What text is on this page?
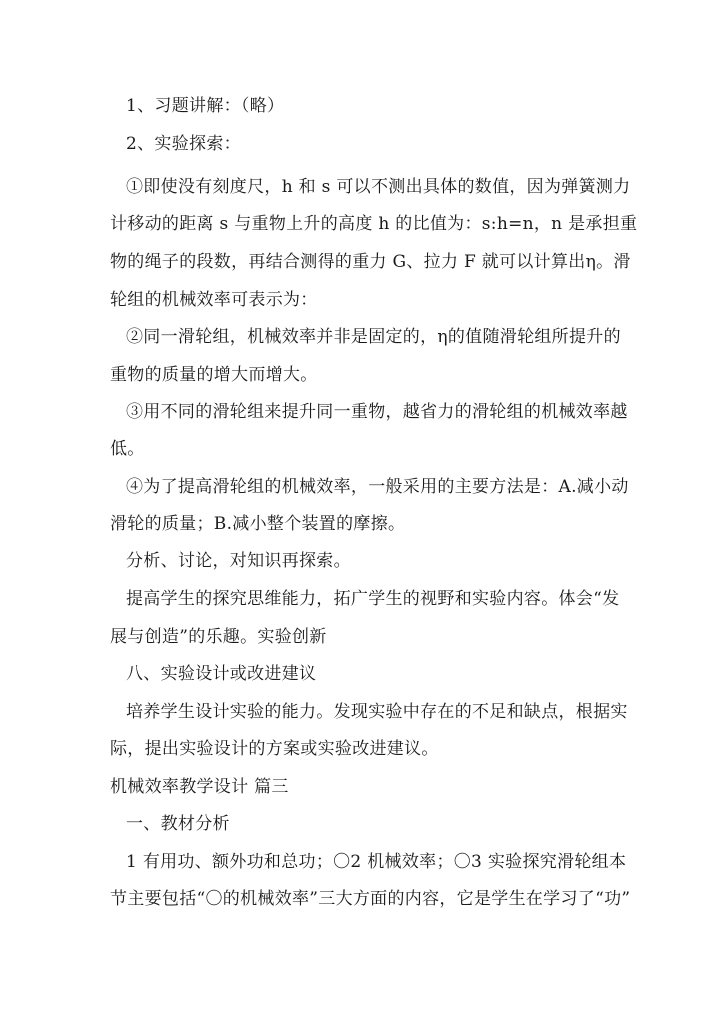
1、习题讲解：（略）
2、实验探索：
①即使没有刻度尺，h 和 s 可以不测出具体的数值，因为弹簧测力
计移动的距离 s 与重物上升的高度 h 的比值为：s:h=n，n 是承担重
物的绳子的段数，再结合测得的重力 G、拉力 F 就可以计算出η。滑
轮组的机械效率可表示为：
②同一滑轮组，机械效率并非是固定的，η的值随滑轮组所提升的
重物的质量的增大而增大。
③用不同的滑轮组来提升同一重物，越省力的滑轮组的机械效率越
低。
④为了提高滑轮组的机械效率，一般采用的主要方法是：A.减小动
滑轮的质量；B.减小整个装置的摩擦。
分析、讨论，对知识再探索。
提高学生的探究思维能力，拓广学生的视野和实验内容。体会“发
展与创造”的乐趣。实验创新
八、实验设计或改进建议
培养学生设计实验的能力。发现实验中存在的不足和缺点，根据实
际，提出实验设计的方案或实验改进建议。
机械效率教学设计 篇三
一、教材分析
1 有用功、额外功和总功；〇2 机械效率；〇3 实验探究滑轮组本
节主要包括“〇的机械效率”三大方面的内容，它是学生在学习了“功”
